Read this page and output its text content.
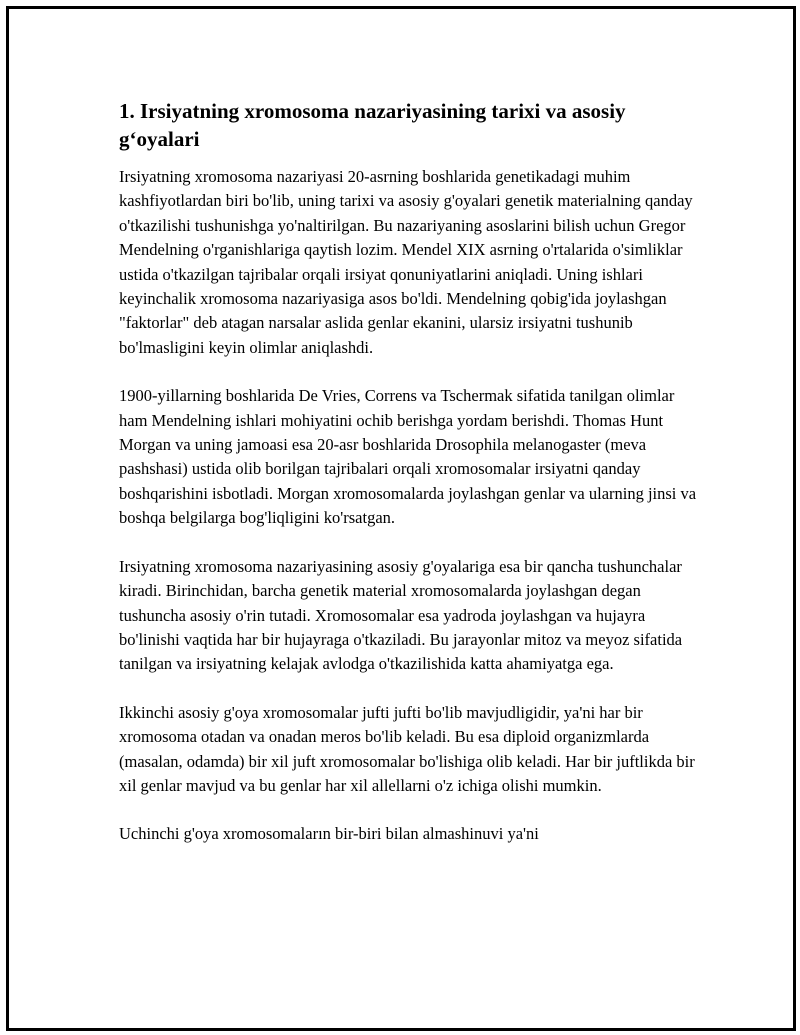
1. Irsiyatning xromosoma nazariyasining tarixi va asosiy g‘oyalari

Irsiyatning xromosoma nazariyasi 20-asrning boshlarida genetikadagi muhim kashfiyotlardan biri bo'lib, uning tarixi va asosiy g'oyalari genetik materialning qanday o'tkazilishi tushunishga yo'naltirilgan. Bu nazariyaning asoslarini bilish uchun Gregor Mendelning o'rganishlariga qaytish lozim. Mendel XIX asrning o'rtalarida o'simliklar ustida o'tkazilgan tajribalar orqali irsiyat qonuniyatlarini aniqladi. Uning ishlari keyinchalik xromosoma nazariyasiga asos bo'ldi. Mendelning qobig'ida joylashgan "faktorlar" deb atagan narsalar aslida genlar ekanini, ularsiz irsiyatni tushunib bo'lmasligini keyin olimlar aniqlashdi.

1900-yillarning boshlarida De Vries, Correns va Tschermak sifatida tanilgan olimlar ham Mendelning ishlari mohiyatini ochib berishga yordam berishdi. Thomas Hunt Morgan va uning jamoasi esa 20-asr boshlarida Drosophila melanogaster (meva pashshasi) ustida olib borilgan tajribalari orqali xromosomalar irsiyatni qanday boshqarishini isbotladi. Morgan xromosomalarda joylashgan genlar va ularning jinsi va boshqa belgilarga bog'liqligini ko'rsatgan.

Irsiyatning xromosoma nazariyasining asosiy g'oyalariga esa bir qancha tushunchalar kiradi. Birinchidan, barcha genetik material xromosomalarda joylashgan degan tushuncha asosiy o'rin tutadi. Xromosomalar esa yadroda joylashgan va hujayra bo'linishi vaqtida har bir hujayraga o'tkaziladi. Bu jarayonlar mitoz va meyoz sifatida tanilgan va irsiyatning kelajak avlodga o'tkazilishida katta ahamiyatga ega.

Ikkinchi asosiy g'oya xromosomalar jufti jufti bo'lib mavjudligidir, ya'ni har bir xromosoma otadan va onadan meros bo'lib keladi. Bu esa diploid organizmlarda (masalan, odamda) bir xil juft xromosomalar bo'lishiga olib keladi. Har bir juftlikda bir xil genlar mavjud va bu genlar har xil allellarni o'z ichiga olishi mumkin.

Uchinchi g'oya xromosomaların bir-biri bilan almashinuvi ya'ni
